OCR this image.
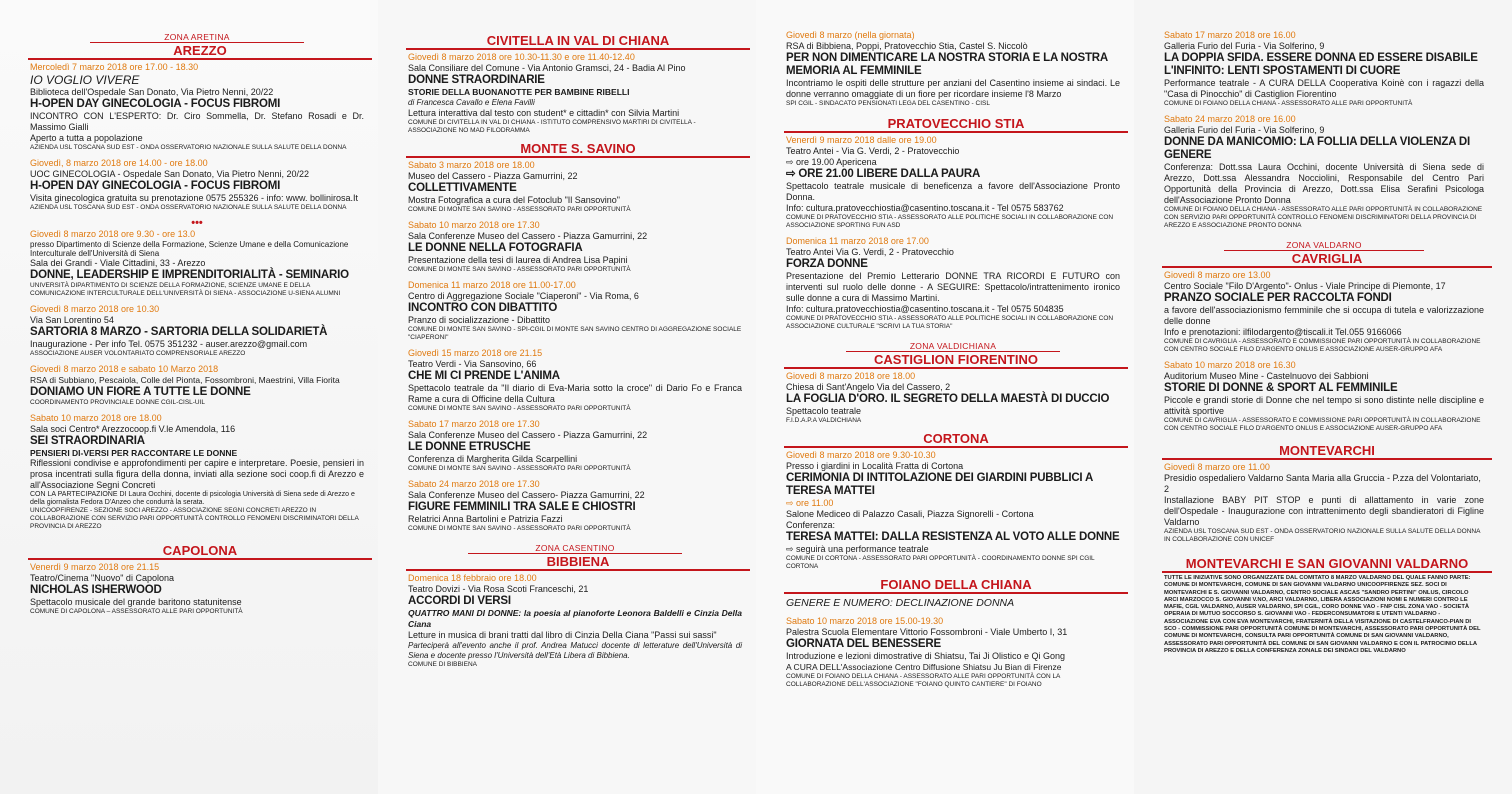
ZONA ARETINA
AREZZO
Mercoledì 7 marzo 2018 ore 17.00 - 18.30
IO VOGLIO VIVERE
Biblioteca dell'Ospedale San Donato, Via Pietro Nenni, 20/22
H-OPEN DAY GINECOLOGIA - FOCUS FIBROMI
INCONTRO CON L'ESPERTO: Dr. Ciro Sommella, Dr. Stefano Rosadi e Dr. Massimo Gialli
Aperto a tutta a popolazione
AZIENDA USL TOSCANA SUD EST - ONDA OSSERVATORIO NAZIONALE SULLA SALUTE DELLA DONNA
Giovedì, 8 marzo 2018 ore 14.00 - ore 18.00
UOC GINECOLOGIA - Ospedale San Donato, Via Pietro Nenni, 20/22
H-OPEN DAY GINECOLOGIA - FOCUS FIBROMI
Visita ginecologica gratuita su prenotazione 0575 255326 - info: www. bollinirosa.It
AZIENDA USL TOSCANA SUD EST - ONDA OSSERVATORIO NAZIONALE SULLA SALUTE DELLA DONNA
•••
Giovedì 8 marzo 2018 ore 9.30 - ore 13.0
presso Dipartimento di Scienze della Formazione, Scienze Umane e della Comunicazione Interculturale dell'Università di Siena
Sala dei Grandi - Viale Cittadini, 33 - Arezzo
DONNE, LEADERSHIP E IMPRENDITORIALITÀ - SEMINARIO
UNIVERSITÀ DIPARTIMENTO DI SCIENZE DELLA FORMAZIONE, SCIENZE UMANE E DELLA COMUNICAZIONE INTERCULTURALE DELL'UNIVERSITÀ DI SIENA - ASSOCIAZIONE U-SIENA ALUMNI
Giovedì 8 marzo 2018 ore 10.30
Via San Lorentino 54
SARTORIA 8 MARZO - SARTORIA DELLA SOLIDARIETÀ
Inaugurazione - Per info Tel. 0575 351232 - auser.arezzo@gmail.com
ASSOCIAZIONE AUSER VOLONTARIATO COMPRENSORIALE AREZZO
Giovedì 8 marzo 2018 e sabato 10 Marzo 2018
RSA di Subbiano, Pescaiola, Colle del Pionta, Fossombroni, Maestrini, Villa Fiorita
DONIAMO UN FIORE A TUTTE LE DONNE
COORDINAMENTO PROVINCIALE DONNE CGIL-CISL-UIL
Sabato 10 marzo 2018 ore 18.00
Sala soci Centro* Arezzocoop.fi V.le Amendola, 116
SEI STRAORDINARIA
PENSIERI DI-VERSI PER RACCONTARE LE DONNE
Riflessioni condivise e approfondimenti per capire e interpretare. Poesie, pensieri in prosa incentrati sulla figura della donna, inviati alla sezione soci coop.fi di Arezzo e all'Associazione Segni Concreti
CON LA PARTECIPAZIONE DI Laura Occhini, docente di psicologia Università di Siena sede di Arezzo e della giornalista Fedora D'Anzeo che condurrà la serata.
UNICOOPFIRENZE - SEZIONE SOCI AREZZO - ASSOCIAZIONE SEGNI CONCRETI AREZZO IN COLLABORAZIONE CON SERVIZIO PARI OPPORTUNITÀ CONTROLLO FENOMENI DISCRIMINATORI DELLA PROVINCIA DI AREZZO
CAPOLONA
Venerdì 9 marzo 2018 ore 21.15
Teatro/Cinema "Nuovo" di Capolona
NICHOLAS ISHERWOOD
Spettacolo musicale del grande baritono statunitense
COMUNE DI CAPOLONA – ASSESSORATO ALLE PARI OPPORTUNITÀ
CIVITELLA IN VAL DI CHIANA
Giovedì 8 marzo 2018 ore 10.30-11.30 e ore 11.40-12.40
Sala Consiliare del Comune - Via Antonio Gramsci, 24 - Badia Al Pino
DONNE STRAORDINARIE
STORIE DELLA BUONANOTTE PER BAMBINE RIBELLI
di Francesca Cavallo e Elena Favilli
Lettura interattiva dal testo con student* e cittadin* con Silvia Martini
COMUNE DI CIVITELLA IN VAL DI CHIANA - ISTITUTO COMPRENSIVO MARTIRI DI CIVITELLA - ASSOCIAZIONE NO MAD FILODRAMMA
MONTE S. SAVINO
Sabato 3 marzo 2018 ore 18.00
Museo del Cassero - Piazza Gamurrini, 22
COLLETTIVAMENTE
Mostra Fotografica a cura del Fotoclub "Il Sansovino"
COMUNE DI MONTE SAN SAVINO - ASSESSORATO PARI OPPORTUNITÀ
Sabato 10 marzo 2018 ore 17.30
Sala Conferenze Museo del Cassero - Piazza Gamurrini, 22
LE DONNE NELLA FOTOGRAFIA
Presentazione della tesi di laurea di Andrea Lisa Papini
COMUNE DI MONTE SAN SAVINO - ASSESSORATO PARI OPPORTUNITÀ
Domenica 11 marzo 2018 ore 11.00-17.00
Centro di Aggregazione Sociale "Ciaperoni" - Via Roma, 6
INCONTRO CON DIBATTITO
Pranzo di socializzazione - Dibattito
COMUNE DI MONTE SAN SAVINO - SPI-CGIL DI MONTE SAN SAVINO CENTRO DI AGGREGAZIONE SOCIALE "CIAPERONI"
Giovedì 15 marzo 2018 ore 21.15
Teatro Verdi - Via Sansovino, 66
CHE MI CI PRENDE L'ANIMA
Spettacolo teatrale da "Il diario di Eva-Maria sotto la croce" di Dario Fo e Franca Rame a cura di Officine della Cultura
COMUNE DI MONTE SAN SAVINO - ASSESSORATO PARI OPPORTUNITÀ
Sabato 17 marzo 2018 ore 17.30
Sala Conferenze Museo del Cassero - Piazza Gamurrini, 22
LE DONNE ETRUSCHE
Conferenza di Margherita Gilda Scarpellini
COMUNE DI MONTE SAN SAVINO - ASSESSORATO PARI OPPORTUNITÀ
Sabato 24 marzo 2018 ore 17.30
Sala Conferenze Museo del Cassero- Piazza Gamurrini, 22
FIGURE FEMMINILI TRA SALE E CHIOSTRI
Relatrici Anna Bartolini e Patrizia Fazzi
COMUNE DI MONTE SAN SAVINO - ASSESSORATO PARI OPPORTUNITÀ
ZONA CASENTINO
BIBBIENA
Domenica 18 febbraio ore 18.00
Teatro Dovizi - Via Rosa Scoti Franceschi, 21
ACCORDI DI VERSI
QUATTRO MANI DI DONNE: la poesia al pianoforte Leonora Baldelli e Cinzia Della Ciana
Letture in musica di brani tratti dal libro di Cinzia Della Ciana "Passi sui sassi"
Parteciperà all'evento anche il prof. Andrea Matucci docente di letterature dell'Università di Siena e docente presso l'Università dell'Età Libera di Bibbiena.
COMUNE DI BIBBIENA
Giovedì 8 marzo (nella giornata)
RSA di Bibbiena, Poppi, Pratovecchio Stia, Castel S. Niccolò
PER NON DIMENTICARE LA NOSTRA STORIA E LA NOSTRA MEMORIA AL FEMMINILE
Incontriamo le ospiti delle strutture per anziani del Casentino insieme ai sindaci. Le donne verranno omaggiate di un fiore per ricordare insieme l'8 Marzo
SPI CGIL - SINDACATO PENSIONATI LEGA DEL CASENTINO - CISL
PRATOVECCHIO STIA
Venerdì 9 marzo 2018 dalle ore 19.00
Teatro Antei - Via G. Verdi, 2 - Pratovecchio
⇨ ore 19.00 Apericena
⇨ ORE 21.00 LIBERE DALLA PAURA
Spettacolo teatrale musicale di beneficenza a favore dell'Associazione Pronto Donna.
Info: cultura.pratovecchiostia@casentino.toscana.it - Tel 0575 583762
COMUNE DI PRATOVECCHIO STIA - ASSESSORATO ALLE POLITICHE SOCIALI IN COLLABORAZIONE CON ASSOCIAZIONE SPORTING FUN ASD
Domenica 11 marzo 2018 ore 17.00
Teatro Antei Via G. Verdi, 2 - Pratovecchio
FORZA DONNE
Presentazione del Premio Letterario DONNE TRA RICORDI E FUTURO con interventi sul ruolo delle donne - A SEGUIRE: Spettacolo/intrattenimento ironico sulle donne a cura di Massimo Martini.
Info: cultura.pratovecchiostia@casentino.toscana.it - Tel 0575 504835
COMUNE DI PRATOVECCHIO STIA - ASSESSORATO ALLE POLITICHE SOCIALI IN COLLABORAZIONE CON ASSOCIAZIONE CULTURALE "SCRIVI LA TUA STORIA"
ZONA VALDICHIANA
CASTIGLION FIORENTINO
Giovedì 8 marzo 2018 ore 18.00
Chiesa di Sant'Angelo Via del Cassero, 2
LA FOGLIA D'ORO. IL SEGRETO DELLA MAESTÀ DI DUCCIO
Spettacolo teatrale
F.I.D.A.P.A VALDICHIANA
CORTONA
Giovedì 8 marzo 2018 ore 9.30-10.30
Presso i giardini in Località Fratta di Cortona
CERIMONIA DI INTITOLAZIONE DEI GIARDINI PUBBLICI A TERESA MATTEI
⇨ ore 11.00
Salone Mediceo di Palazzo Casali, Piazza Signorelli - Cortona
Conferenza:
TERESA MATTEI: DALLA RESISTENZA AL VOTO ALLE DONNE
⇨ seguirà una performance teatrale
COMUNE DI CORTONA - ASSESSORATO PARI OPPORTUNITÀ - COORDINAMENTO DONNE SPI CGIL CORTONA
FOIANO DELLA CHIANA
GENERE E NUMERO: DECLINAZIONE DONNA
Sabato 10 marzo 2018 ore 15.00-19.30
Palestra Scuola Elementare Vittorio Fossombroni - Viale Umberto I, 31
GIORNATA DEL BENESSERE
Introduzione e lezioni dimostrative di Shiatsu, Tai Ji Olistico e Qi Gong
A CURA DELL'Associazione Centro Diffusione Shiatsu Ju Bian di Firenze
COMUNE DI FOIANO DELLA CHIANA - ASSESSORATO ALLE PARI OPPORTUNITÀ CON LA COLLABORAZIONE DELL'ASSOCIAZIONE "FOIANO QUINTO CANTIERE" DI FOIANO
Sabato 17 marzo 2018 ore 16.00
Galleria Furio del Furia - Via Solferino, 9
LA DOPPIA SFIDA. ESSERE DONNA ED ESSERE DISABILE L'INFINITO: LENTI SPOSTAMENTI DI CUORE
Performance teatrale - A CURA DELLA Cooperativa Koinè con i ragazzi della "Casa di Pinocchio" di Castiglion Fiorentino
COMUNE DI FOIANO DELLA CHIANA - ASSESSORATO ALLE PARI OPPORTUNITÀ
Sabato 24 marzo 2018 ore 16.00
Galleria Furio del Furia - Via Solferino, 9
DONNE DA MANICOMIO: LA FOLLIA DELLA VIOLENZA DI GENERE
Conferenza: Dott.ssa Laura Occhini, docente Università di Siena sede di Arezzo, Dott.ssa Alessandra Nocciolini, Responsabile del Centro Pari Opportunità della Provincia di Arezzo, Dott.ssa Elisa Serafini Psicologa dell'Associazione Pronto Donna
COMUNE DI FOIANO DELLA CHIANA - ASSESSORATO ALLE PARI OPPORTUNITÀ IN COLLABORAZIONE CON SERVIZIO PARI OPPORTUNITÀ CONTROLLO FENOMENI DISCRIMINATORI DELLA PROVINCIA DI AREZZO E ASSOCIAZIONE PRONTO DONNA
ZONA VALDARNO
CAVRIGLIA
Giovedì 8 marzo ore 13.00
Centro Sociale "Filo D'Argento"- Onlus - Viale Principe di Piemonte, 17
PRANZO SOCIALE PER RACCOLTA FONDI
a favore dell'associazionismo femminile che si occupa di tutela e valorizzazione delle donne
Info e prenotazioni: ilfilodargento@tiscali.it Tel.055 9166066
COMUNE DI CAVRIGLIA - ASSESSORATO E COMMISSIONE PARI OPPORTUNITÀ IN COLLABORAZIONE CON CENTRO SOCIALE FILO D'ARGENTO ONLUS E ASSOCIAZIONE AUSER-GRUPPO AFA
Sabato 10 marzo 2018 ore 16.30
Auditorium Museo Mine - Castelnuovo dei Sabbioni
STORIE DI DONNE & SPORT AL FEMMINILE
Piccole e grandi storie di Donne che nel tempo si sono distinte nelle discipline e attività sportive
COMUNE DI CAVRIGLIA - ASSESSORATO E COMMISSIONE PARI OPPORTUNITÀ IN COLLABORAZIONE CON CENTRO SOCIALE FILO D'ARGENTO ONLUS E ASSOCIAZIONE AUSER-GRUPPO AFA
MONTEVARCHI
Giovedì 8 marzo ore 11.00
Presidio ospedaliero Valdarno Santa Maria alla Gruccia - P.zza del Volontariato, 2
Installazione BABY PIT STOP e punti di allattamento in varie zone dell'Ospedale - Inaugurazione con intrattenimento degli sbandieratori di Figline Valdarno
AZIENDA USL TOSCANA SUD EST - ONDA OSSERVATORIO NAZIONALE SULLA SALUTE DELLA DONNA IN COLLABORAZIONE CON UNICEF
MONTEVARCHI E SAN GIOVANNI VALDARNO
TUTTE LE INIZIATIVE SONO ORGANIZZATE DAL COMITATO 8 MARZO VALDARNO DEL QUALE FANNO PARTE: COMUNE DI MONTEVARCHI, COMUNE DI SAN GIOVANNI VALDARNO UNICOOPFIRENZE SEZ. SOCI DI MONTEVARCHI E S. GIOVANNI VALDARNO, CENTRO SOCIALE ASCAS "SANDRO PERTINI" ONLUS, CIRCOLO ARCI MARZOCCO S. GIOVANNI V.NO, ARCI VALDARNO, LIBERA ASSOCIAZIONI NOMI E NUMERI CONTRO LE MAFIE, CGIL VALDARNO, AUSER VALDARNO, SPI CGIL, CORO DONNE VAO - FNP CISL ZONA VAO - SOCIETÀ OPERAIA DI MUTUO SOCCORSO S. GIOVANNI VAO - FEDERCONSUMATORI E UTENTI VALDARNO - ASSOCIAZIONE EVA CON EVA MONTEVARCHI, FRATERNITÀ DELLA VISITAZIONE DI CASTELFRANCO-PIAN DI SCO - COMMISSIONE PARI OPPORTUNITÀ COMUNE DI MONTEVARCHI, ASSESSORATO PARI OPPORTUNITÀ DEL COMUNE DI MONTEVARCHI, CONSULTA PARI OPPORTUNITÀ COMUNE DI SAN GIOVANNI VALDARNO, ASSESSORATO PARI OPPORTUNITÀ DEL COMUNE DI SAN GIOVANNI VALDARNO E CON IL PATROCINIO DELLA PROVINCIA DI AREZZO E DELLA CONFERENZA ZONALE DEI SINDACI DEL VALDARNO
